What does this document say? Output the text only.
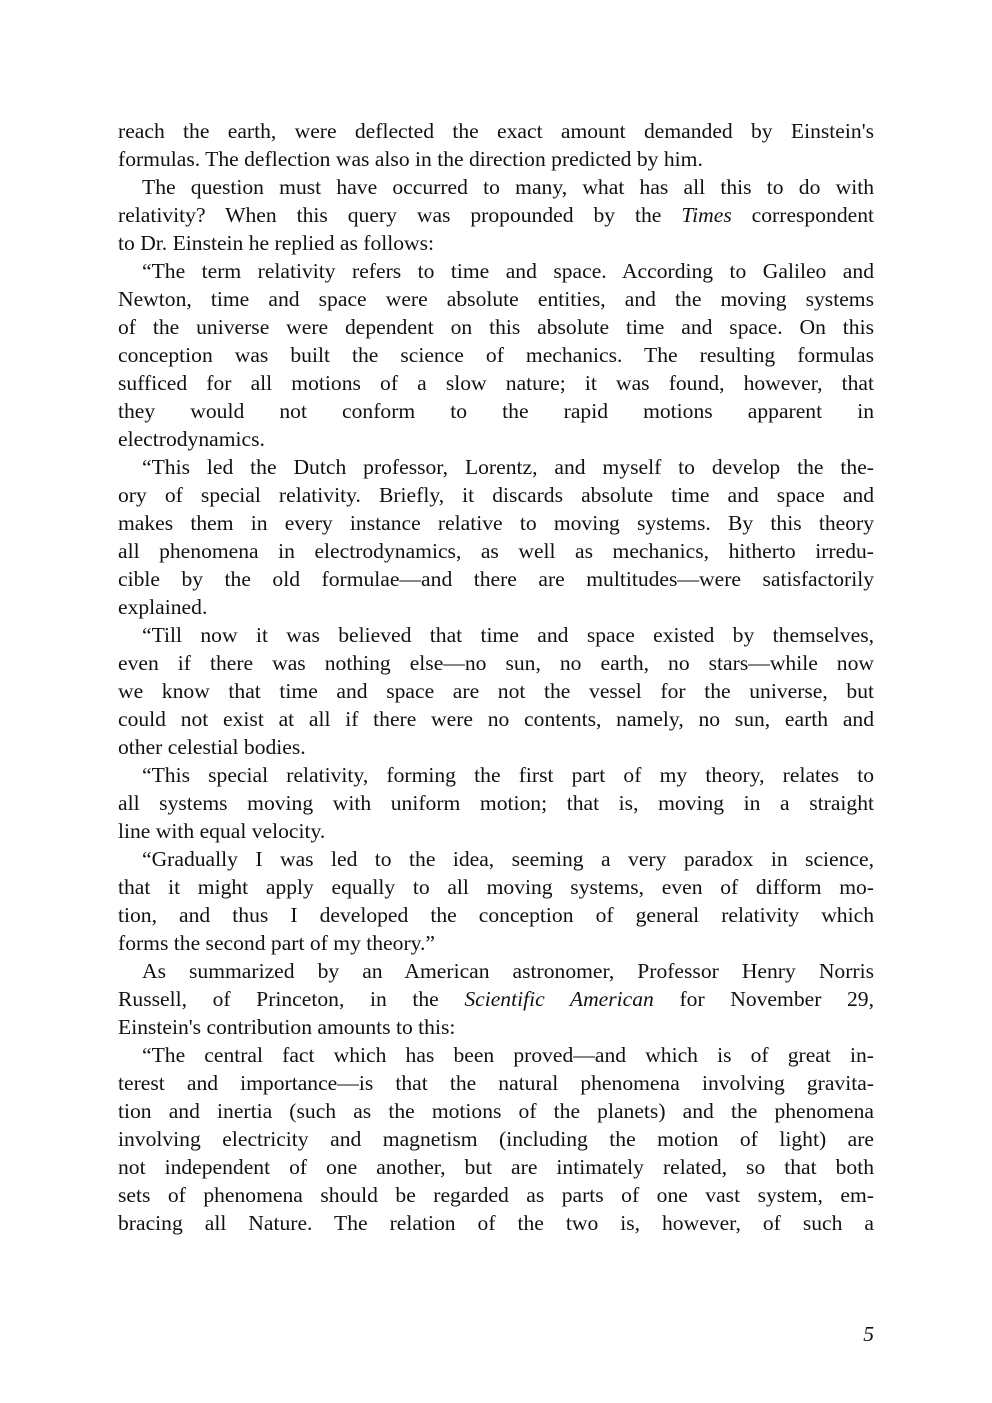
reach the earth, were deflected the exact amount demanded by Einstein's
formulas. The deflection was also in the direction predicted by him.

The question must have occurred to many, what has all this to do with
relativity? When this query was propounded by the Times correspondent
to Dr. Einstein he replied as follows:

“The term relativity refers to time and space. According to Galileo and
Newton, time and space were absolute entities, and the moving systems
of the universe were dependent on this absolute time and space. On this
conception was built the science of mechanics. The resulting formulas
sufficed for all motions of a slow nature; it was found, however, that
they would not conform to the rapid motions apparent in
electrodynamics.

“This led the Dutch professor, Lorentz, and myself to develop the the-
ory of special relativity. Briefly, it discards absolute time and space and
makes them in every instance relative to moving systems. By this theory
all phenomena in electrodynamics, as well as mechanics, hitherto irredu-
cible by the old formulae—and there are multitudes—were satisfactorily
explained.

“Till now it was believed that time and space existed by themselves,
even if there was nothing else—no sun, no earth, no stars—while now
we know that time and space are not the vessel for the universe, but
could not exist at all if there were no contents, namely, no sun, earth and
other celestial bodies.

“This special relativity, forming the first part of my theory, relates to
all systems moving with uniform motion; that is, moving in a straight
line with equal velocity.

“Gradually I was led to the idea, seeming a very paradox in science,
that it might apply equally to all moving systems, even of difform mo-
tion, and thus I developed the conception of general relativity which
forms the second part of my theory.”

As summarized by an American astronomer, Professor Henry Norris
Russell, of Princeton, in the Scientific American for November 29,
Einstein's contribution amounts to this:

“The central fact which has been proved—and which is of great in-
terest and importance—is that the natural phenomena involving gravita-
tion and inertia (such as the motions of the planets) and the phenomena
involving electricity and magnetism (including the motion of light) are
not independent of one another, but are intimately related, so that both
sets of phenomena should be regarded as parts of one vast system, em-
bracing all Nature. The relation of the two is, however, of such a

5
